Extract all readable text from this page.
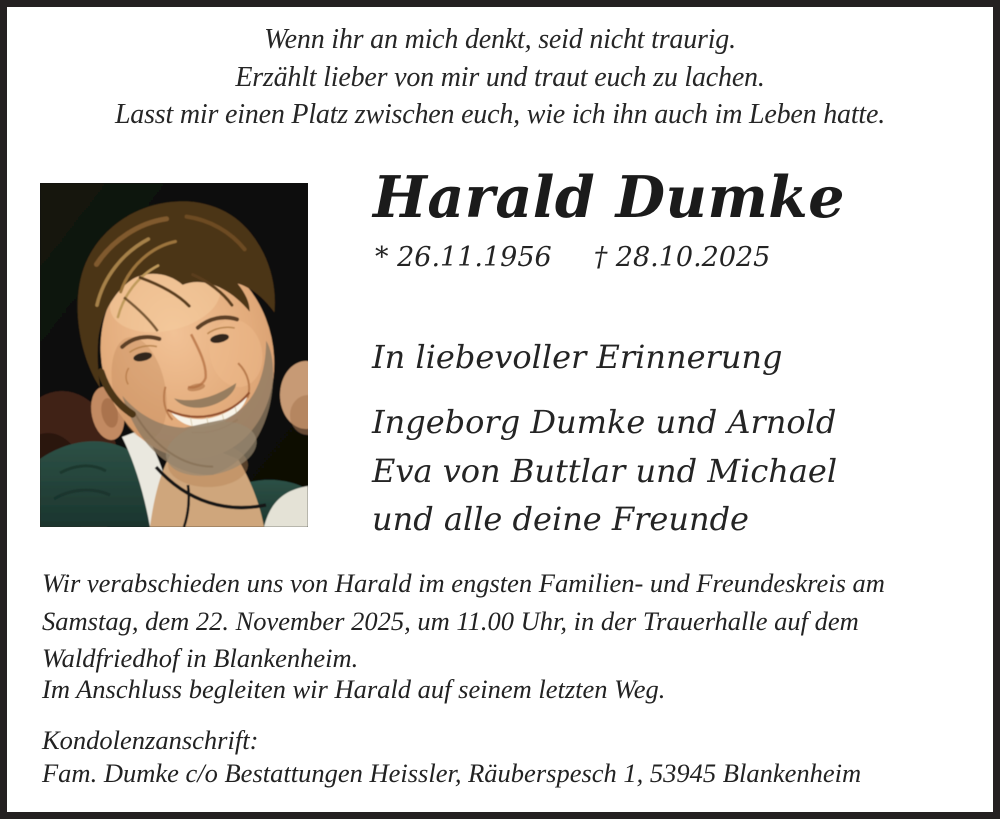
Wenn ihr an mich denkt, seid nicht traurig.
Erzählt lieber von mir und traut euch zu lachen.
Lasst mir einen Platz zwischen euch, wie ich ihn auch im Leben hatte.
Harald Dumke
* 26.11.1956 † 28.10.2025
In liebevoller Erinnerung
Ingeborg Dumke und Arnold
Eva von Buttlar und Michael
und alle deine Freunde
Wir verabschieden uns von Harald im engsten Familien- und Freundeskreis am
Samstag, dem 22. November 2025, um 11.00 Uhr, in der Trauerhalle auf dem
Waldfriedhof in Blankenheim.
Im Anschluss begleiten wir Harald auf seinem letzten Weg.
Kondolenzanschrift:
Fam. Dumke c/o Bestattungen Heissler, Räuberspesch 1, 53945 Blankenheim
